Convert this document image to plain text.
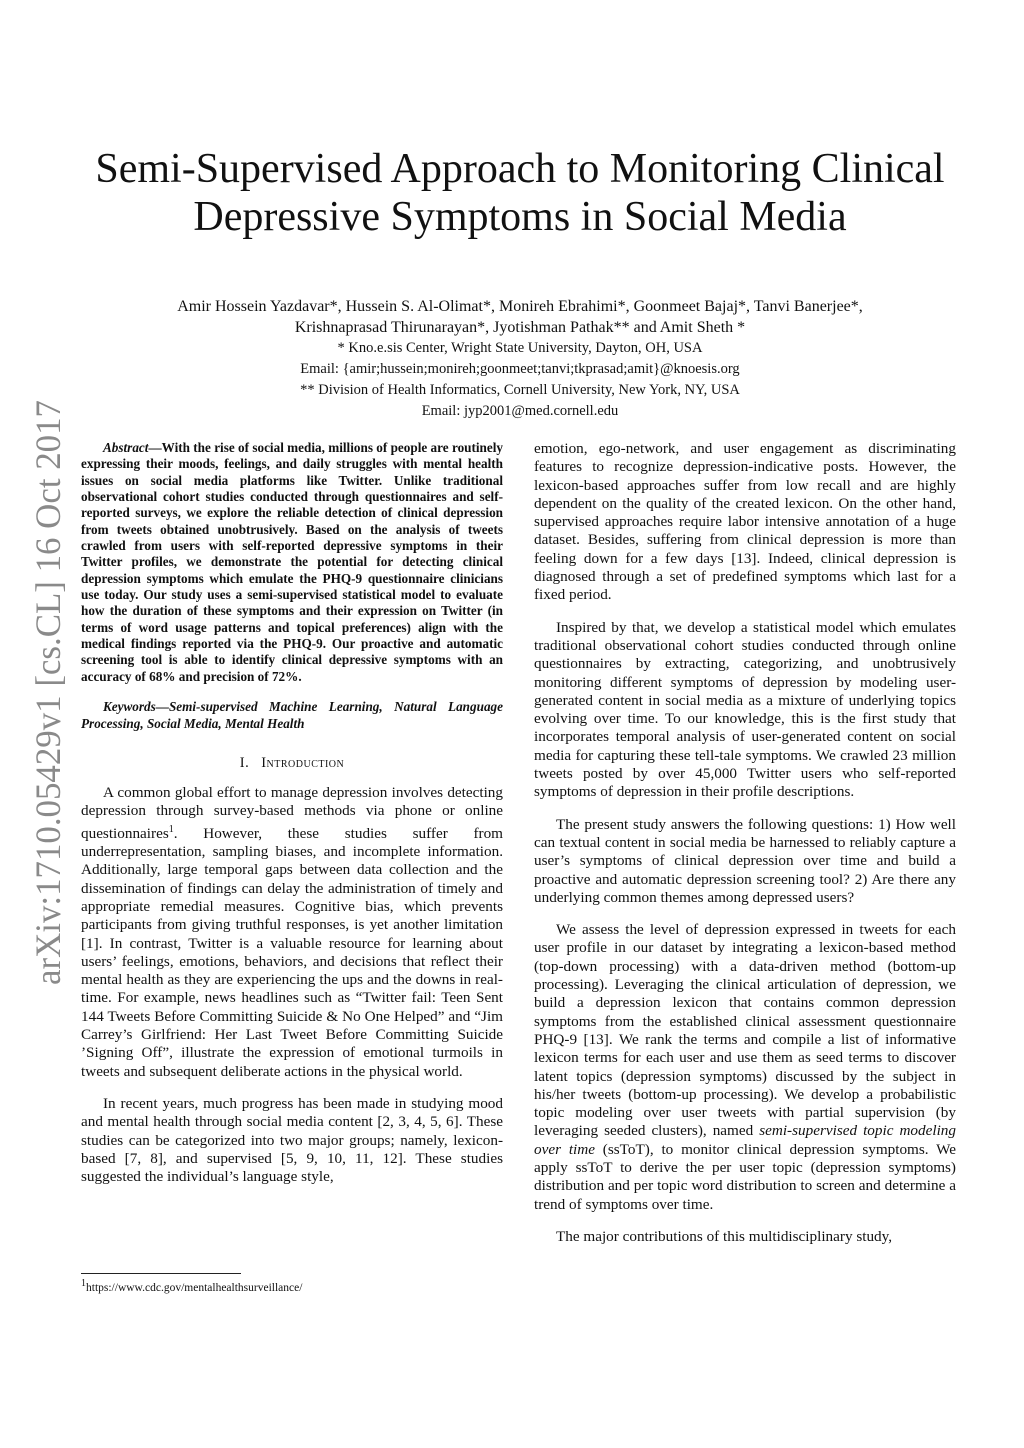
arXiv:1710.05429v1 [cs.CL] 16 Oct 2017
Semi-Supervised Approach to Monitoring Clinical
Depressive Symptoms in Social Media
Amir Hossein Yazdavar*, Hussein S. Al-Olimat*, Monireh Ebrahimi*, Goonmeet Bajaj*, Tanvi Banerjee*,
Krishnaprasad Thirunarayan*, Jyotishman Pathak** and Amit Sheth *
* Kno.e.sis Center, Wright State University, Dayton, OH, USA
Email: {amir;hussein;monireh;goonmeet;tanvi;tkprasad;amit}@knoesis.org
** Division of Health Informatics, Cornell University, New York, NY, USA
Email: jyp2001@med.cornell.edu

Abstract—With the rise of social media, millions of people are routinely expressing their moods, feelings, and daily struggles with mental health issues on social media platforms like Twitter. Unlike traditional observational cohort studies conducted through questionnaires and self-reported surveys, we explore the reliable detection of clinical depression from tweets obtained unobtrusively. Based on the analysis of tweets crawled from users with self-reported depressive symptoms in their Twitter profiles, we demonstrate the potential for detecting clinical depression symptoms which emulate the PHQ-9 questionnaire clinicians use today. Our study uses a semi-supervised statistical model to evaluate how the duration of these symptoms and their expression on Twitter (in terms of word usage patterns and topical preferences) align with the medical findings reported via the PHQ-9. Our proactive and automatic screening tool is able to identify clinical depressive symptoms with an accuracy of 68% and precision of 72%.

Keywords—Semi-supervised Machine Learning, Natural Language Processing, Social Media, Mental Health

I. Introduction

A common global effort to manage depression involves detecting depression through survey-based methods via phone or online questionnaires$^1$. However, these studies suffer from underrepresentation, sampling biases, and incomplete information. Additionally, large temporal gaps between data collection and the dissemination of findings can delay the administration of timely and appropriate remedial measures. Cognitive bias, which prevents participants from giving truthful responses, is yet another limitation [1]. In contrast, Twitter is a valuable resource for learning about users’ feelings, emotions, behaviors, and decisions that reflect their mental health as they are experiencing the ups and the downs in real-time. For example, news headlines such as “Twitter fail: Teen Sent 144 Tweets Before Committing Suicide & No One Helped” and “Jim Carrey’s Girlfriend: Her Last Tweet Before Committing Suicide ’Signing Off”, illustrate the expression of emotional turmoils in tweets and subsequent deliberate actions in the physical world.

In recent years, much progress has been made in studying mood and mental health through social media content [2, 3, 4, 5, 6]. These studies can be categorized into two major groups; namely, lexicon-based [7, 8], and supervised [5, 9, 10, 11, 12]. These studies suggested the individual’s language style,

emotion, ego-network, and user engagement as discriminating features to recognize depression-indicative posts. However, the lexicon-based approaches suffer from low recall and are highly dependent on the quality of the created lexicon. On the other hand, supervised approaches require labor intensive annotation of a huge dataset. Besides, suffering from clinical depression is more than feeling down for a few days [13]. Indeed, clinical depression is diagnosed through a set of predefined symptoms which last for a fixed period.

Inspired by that, we develop a statistical model which emulates traditional observational cohort studies conducted through online questionnaires by extracting, categorizing, and unobtrusively monitoring different symptoms of depression by modeling user-generated content in social media as a mixture of underlying topics evolving over time. To our knowledge, this is the first study that incorporates temporal analysis of user-generated content on social media for capturing these tell-tale symptoms. We crawled 23 million tweets posted by over 45,000 Twitter users who self-reported symptoms of depression in their profile descriptions.

The present study answers the following questions: 1) How well can textual content in social media be harnessed to reliably capture a user’s symptoms of clinical depression over time and build a proactive and automatic depression screening tool? 2) Are there any underlying common themes among depressed users?

We assess the level of depression expressed in tweets for each user profile in our dataset by integrating a lexicon-based method (top-down processing) with a data-driven method (bottom-up processing). Leveraging the clinical articulation of depression, we build a depression lexicon that contains common depression symptoms from the established clinical assessment questionnaire PHQ-9 [13]. We rank the terms and compile a list of informative lexicon terms for each user and use them as seed terms to discover latent topics (depression symptoms) discussed by the subject in his/her tweets (bottom-up processing). We develop a probabilistic topic modeling over user tweets with partial supervision (by leveraging seeded clusters), named semi-supervised topic modeling over time (ssToT), to monitor clinical depression symptoms. We apply ssToT to derive the per user topic (depression symptoms) distribution and per topic word distribution to screen and determine a trend of symptoms over time.

The major contributions of this multidisciplinary study,

$^1$https://www.cdc.gov/mentalhealthsurveillance/
